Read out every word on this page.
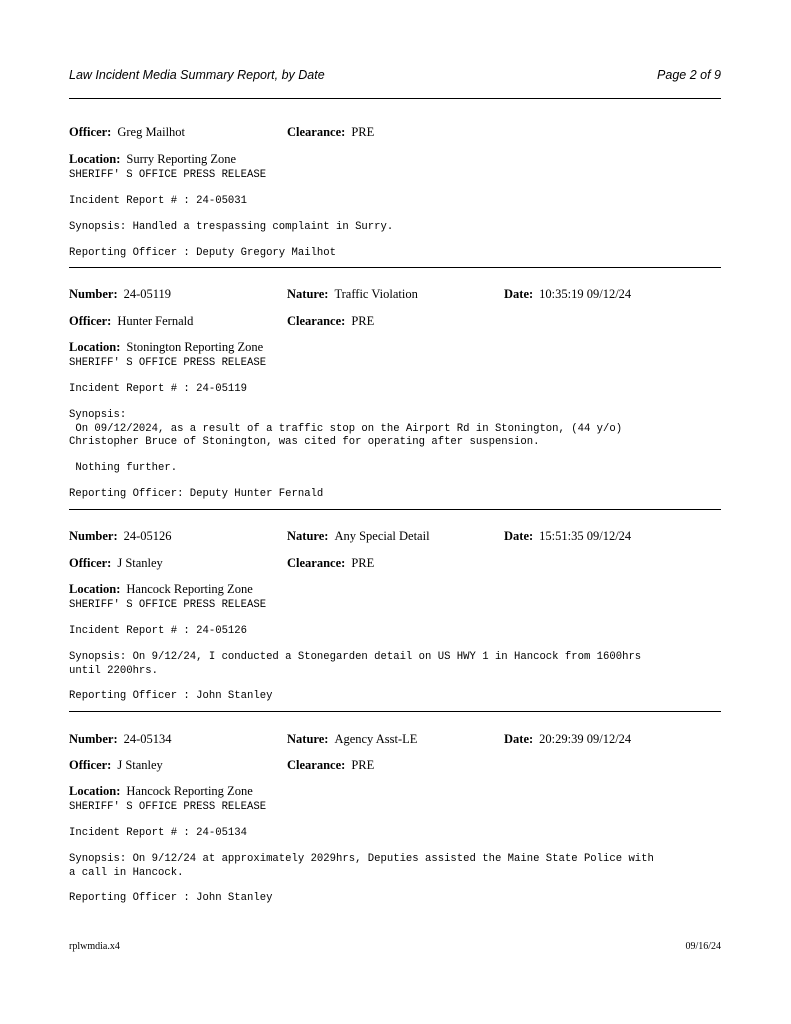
Law Incident Media Summary Report, by Date	Page 2 of 9
Officer: Greg Mailhot	Clearance: PRE
Location: Surry Reporting Zone
SHERIFF' S OFFICE PRESS RELEASE
Incident Report # : 24-05031
Synopsis: Handled a trespassing complaint in Surry.
Reporting Officer : Deputy Gregory Mailhot
Number: 24-05119	Nature: Traffic Violation	Date: 10:35:19 09/12/24
Officer: Hunter Fernald	Clearance: PRE
Location: Stonington Reporting Zone
SHERIFF' S OFFICE PRESS RELEASE
Incident Report # : 24-05119
Synopsis:
On 09/12/2024, as a result of a traffic stop on the Airport Rd in Stonington, (44 y/o)
Christopher Bruce of Stonington, was cited for operating after suspension.
Nothing further.
Reporting Officer: Deputy Hunter Fernald
Number: 24-05126	Nature: Any Special Detail	Date: 15:51:35 09/12/24
Officer: J Stanley	Clearance: PRE
Location: Hancock Reporting Zone
SHERIFF' S OFFICE PRESS RELEASE
Incident Report # : 24-05126
Synopsis: On 9/12/24, I conducted a Stonegarden detail on US HWY 1 in Hancock from 1600hrs
until 2200hrs.
Reporting Officer : John Stanley
Number: 24-05134	Nature: Agency Asst-LE	Date: 20:29:39 09/12/24
Officer: J Stanley	Clearance: PRE
Location: Hancock Reporting Zone
SHERIFF' S OFFICE PRESS RELEASE
Incident Report # : 24-05134
Synopsis: On 9/12/24 at approximately 2029hrs, Deputies assisted the Maine State Police with
a call in Hancock.
Reporting Officer : John Stanley
rplwmdia.x4	09/16/24
